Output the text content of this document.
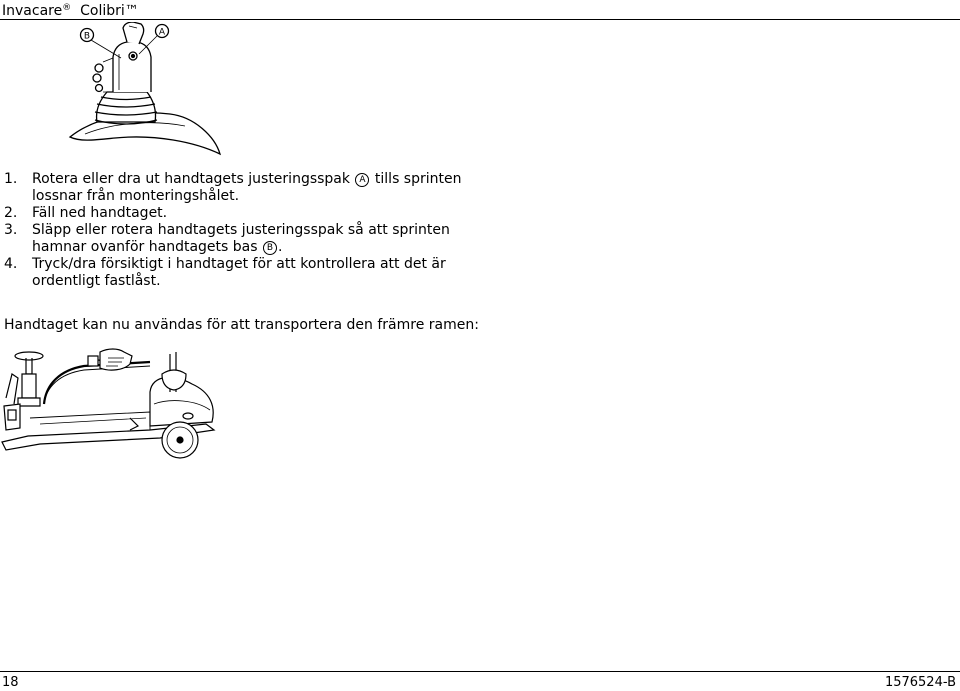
Invacare® Colibri™
B	A
1. Rotera eller dra ut handtagets justeringsspak A tills sprinten lossnar från monteringshålet.
2. Fäll ned handtaget.
3. Släpp eller rotera handtagets justeringsspak så att sprinten hamnar ovanför handtagets bas B .
4. Tryck/dra försiktigt i handtaget för att kontrollera att det är ordentligt fastlåst.
Handtaget kan nu användas för att transportera den främre ramen:
18	1576524-B
